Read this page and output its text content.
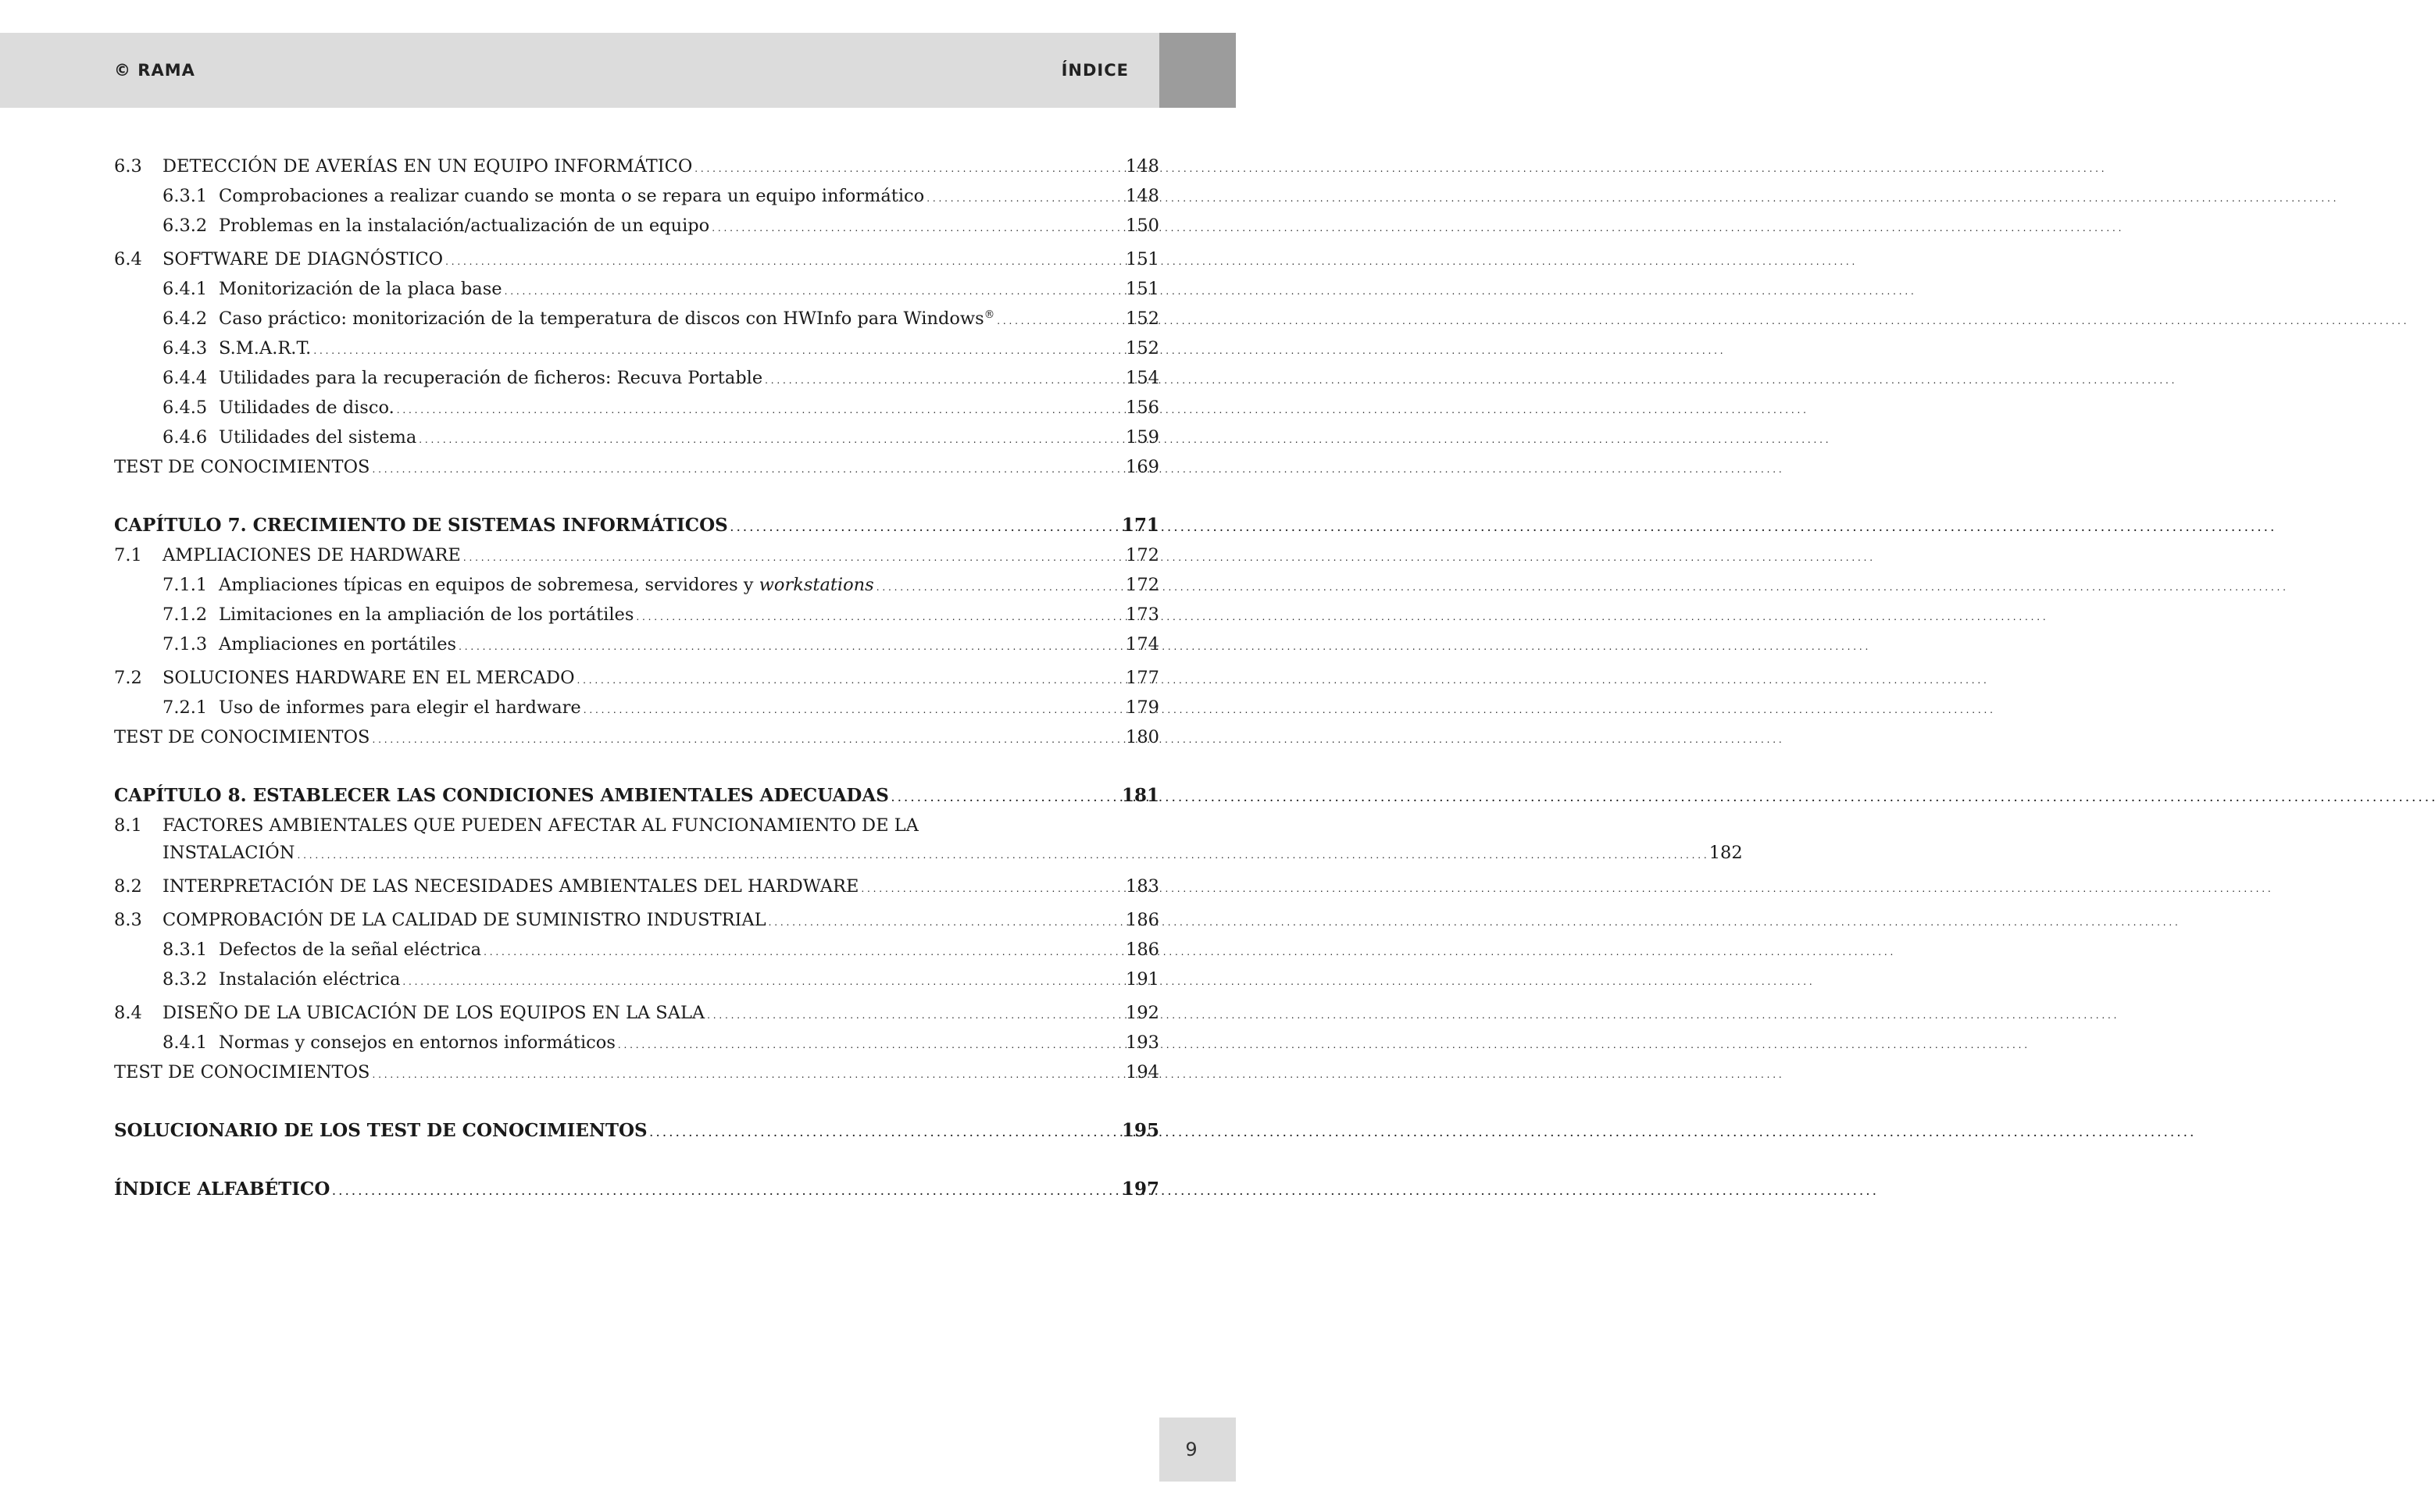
© RAMA	ÍNDICE
6.3	DETECCIÓN DE AVERÍAS EN UN EQUIPO INFORMÁTICO . . .	148
6.3.1 Comprobaciones a realizar cuando se monta o se repara un equipo informático . . .	148
6.3.2 Problemas en la instalación/actualización de un equipo . . .	150
6.4	SOFTWARE DE DIAGNÓSTICO . . .	151
6.4.1 Monitorización de la placa base . . .	151
6.4.2 Caso práctico: monitorización de la temperatura de discos con HWInfo para Windows® . . .	152
6.4.3 S.M.A.R.T. . . .	152
6.4.4 Utilidades para la recuperación de ficheros: Recuva Portable . . .	154
6.4.5 Utilidades de disco. . . .	156
6.4.6 Utilidades del sistema . . .	159
TEST DE CONOCIMIENTOS . . .	169
CAPÍTULO 7. CRECIMIENTO DE SISTEMAS INFORMÁTICOS . . .	171
7.1	AMPLIACIONES DE HARDWARE . . .	172
7.1.1 Ampliaciones típicas en equipos de sobremesa, servidores y workstations . . .	172
7.1.2 Limitaciones en la ampliación de los portátiles . . .	173
7.1.3 Ampliaciones en portátiles . . .	174
7.2	SOLUCIONES HARDWARE EN EL MERCADO . . .	177
7.2.1 Uso de informes para elegir el hardware . . .	179
TEST DE CONOCIMIENTOS . . .	180
CAPÍTULO 8. ESTABLECER LAS CONDICIONES AMBIENTALES ADECUADAS . . .	181
8.1	FACTORES AMBIENTALES QUE PUEDEN AFECTAR AL FUNCIONAMIENTO DE LA
INSTALACIÓN . . .	182
8.2	INTERPRETACIÓN DE LAS NECESIDADES AMBIENTALES DEL HARDWARE . . .	183
8.3	COMPROBACIÓN DE LA CALIDAD DE SUMINISTRO INDUSTRIAL . . .	186
8.3.1 Defectos de la señal eléctrica . . .	186
8.3.2 Instalación eléctrica . . .	191
8.4	DISEÑO DE LA UBICACIÓN DE LOS EQUIPOS EN LA SALA . . .	192
8.4.1 Normas y consejos en entornos informáticos . . .	193
TEST DE CONOCIMIENTOS . . .	194
SOLUCIONARIO DE LOS TEST DE CONOCIMIENTOS . . .	195
ÍNDICE ALFABÉTICO . . .	197
9
